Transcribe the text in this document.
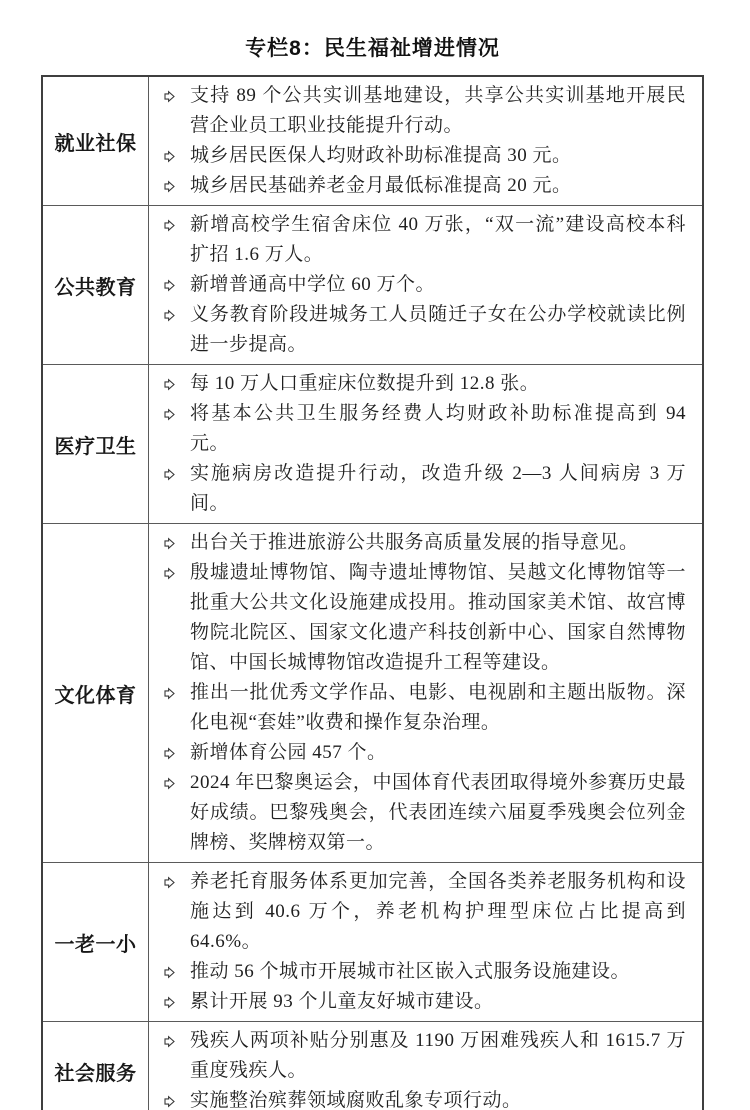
专栏8：民生福祉增进情况
就业社保
支持 89 个公共实训基地建设，共享公共实训基地开展民营企业员工职业技能提升行动。
城乡居民医保人均财政补助标准提高 30 元。
城乡居民基础养老金月最低标准提高 20 元。
公共教育
新增高校学生宿舍床位 40 万张，“双一流”建设高校本科扩招 1.6 万人。
新增普通高中学位 60 万个。
义务教育阶段进城务工人员随迁子女在公办学校就读比例进一步提高。
医疗卫生
每 10 万人口重症床位数提升到 12.8 张。
将基本公共卫生服务经费人均财政补助标准提高到 94 元。
实施病房改造提升行动，改造升级 2—3 人间病房 3 万间。
文化体育
出台关于推进旅游公共服务高质量发展的指导意见。
殷墟遗址博物馆、陶寺遗址博物馆、吴越文化博物馆等一批重大公共文化设施建成投用。推动国家美术馆、故宫博物院北院区、国家文化遗产科技创新中心、国家自然博物馆、中国长城博物馆改造提升工程等建设。
推出一批优秀文学作品、电影、电视剧和主题出版物。深化电视“套娃”收费和操作复杂治理。
新增体育公园 457 个。
2024 年巴黎奥运会，中国体育代表团取得境外参赛历史最好成绩。巴黎残奥会，代表团连续六届夏季残奥会位列金牌榜、奖牌榜双第一。
一老一小
养老托育服务体系更加完善，全国各类养老服务机构和设施达到 40.6 万个，养老机构护理型床位占比提高到 64.6%。
推动 56 个城市开展城市社区嵌入式服务设施建设。
累计开展 93 个儿童友好城市建设。
社会服务
残疾人两项补贴分别惠及 1190 万困难残疾人和 1615.7 万重度残疾人。
实施整治殡葬领域腐败乱象专项行动。
